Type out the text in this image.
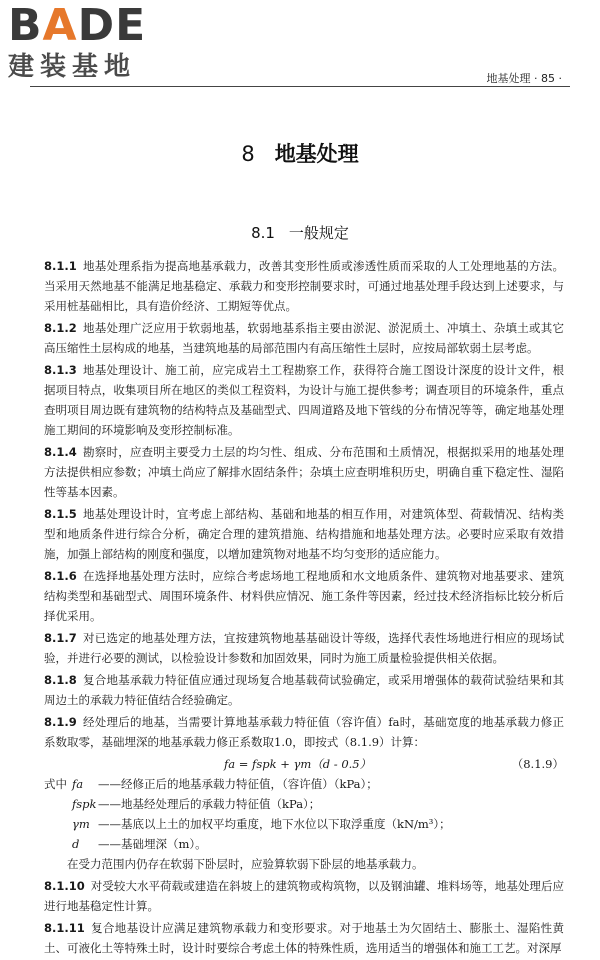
BADE
建装基地	地基处理 · 85 ·
8 地基处理
8.1 一般规定

8.1.1 地基处理系指为提高地基承载力，改善其变形性质或渗透性质而采取的人工处理地基的方法。当采用天然地基不能满足地基稳定、承载力和变形控制要求时，可通过地基处理手段达到上述要求，与采用桩基础相比，具有造价经济、工期短等优点。

8.1.2 地基处理广泛应用于软弱地基，软弱地基系指主要由淤泥、淤泥质土、冲填土、杂填土或其它高压缩性土层构成的地基，当建筑地基的局部范围内有高压缩性土层时，应按局部软弱土层考虑。

8.1.3 地基处理设计、施工前，应完成岩土工程勘察工作，获得符合施工图设计深度的设计文件，根据项目特点，收集项目所在地区的类似工程资料，为设计与施工提供参考；调查项目的环境条件，重点查明项目周边既有建筑物的结构特点及基础型式、四周道路及地下管线的分布情况等等，确定地基处理施工期间的环境影响及变形控制标准。

8.1.4 勘察时，应查明主要受力土层的均匀性、组成、分布范围和土质情况，根据拟采用的地基处理方法提供相应参数；冲填土尚应了解排水固结条件；杂填土应查明堆积历史，明确自重下稳定性、湿陷性等基本因素。

8.1.5 地基处理设计时，宜考虑上部结构、基础和地基的相互作用，对建筑体型、荷载情况、结构类型和地质条件进行综合分析，确定合理的建筑措施、结构措施和地基处理方法。必要时应采取有效措施，加强上部结构的刚度和强度，以增加建筑物对地基不均匀变形的适应能力。

8.1.6 在选择地基处理方法时，应综合考虑场地工程地质和水文地质条件、建筑物对地基要求、建筑结构类型和基础型式、周围环境条件、材料供应情况、施工条件等因素，经过技术经济指标比较分析后择优采用。

8.1.7 对已选定的地基处理方法，宜按建筑物地基基础设计等级，选择代表性场地进行相应的现场试验，并进行必要的测试，以检验设计参数和加固效果，同时为施工质量检验提供相关依据。

8.1.8 复合地基承载力特征值应通过现场复合地基载荷试验确定，或采用增强体的载荷试验结果和其周边土的承载力特征值结合经验确定。

8.1.9 经处理后的地基，当需要计算地基承载力特征值（容许值）fa时，基础宽度的地基承载力修正系数取零，基础埋深的地基承载力修正系数取1.0，即按式（8.1.9）计算：

fa = fspk + γm（d - 0.5）	（8.1.9）
式中 fa	——经修正后的地基承载力特征值，（容许值）（kPa）；
fspk ——地基经处理后的承载力特征值（kPa）；
γm ——基底以上土的加权平均重度，地下水位以下取浮重度（kN/m³）；
d	——基础埋深（m）。

在受力范围内仍存在软弱下卧层时，应验算软弱下卧层的地基承载力。

8.1.10 对受较大水平荷载或建造在斜坡上的建筑物或构筑物，以及钢油罐、堆料场等，地基处理后应进行地基稳定性计算。

8.1.11 复合地基设计应满足建筑物承载力和变形要求。对于地基土为欠固结土、膨胀土、湿陷性黄土、可液化土等特殊土时，设计时要综合考虑土体的特殊性质，选用适当的增强体和施工工艺。对深厚
